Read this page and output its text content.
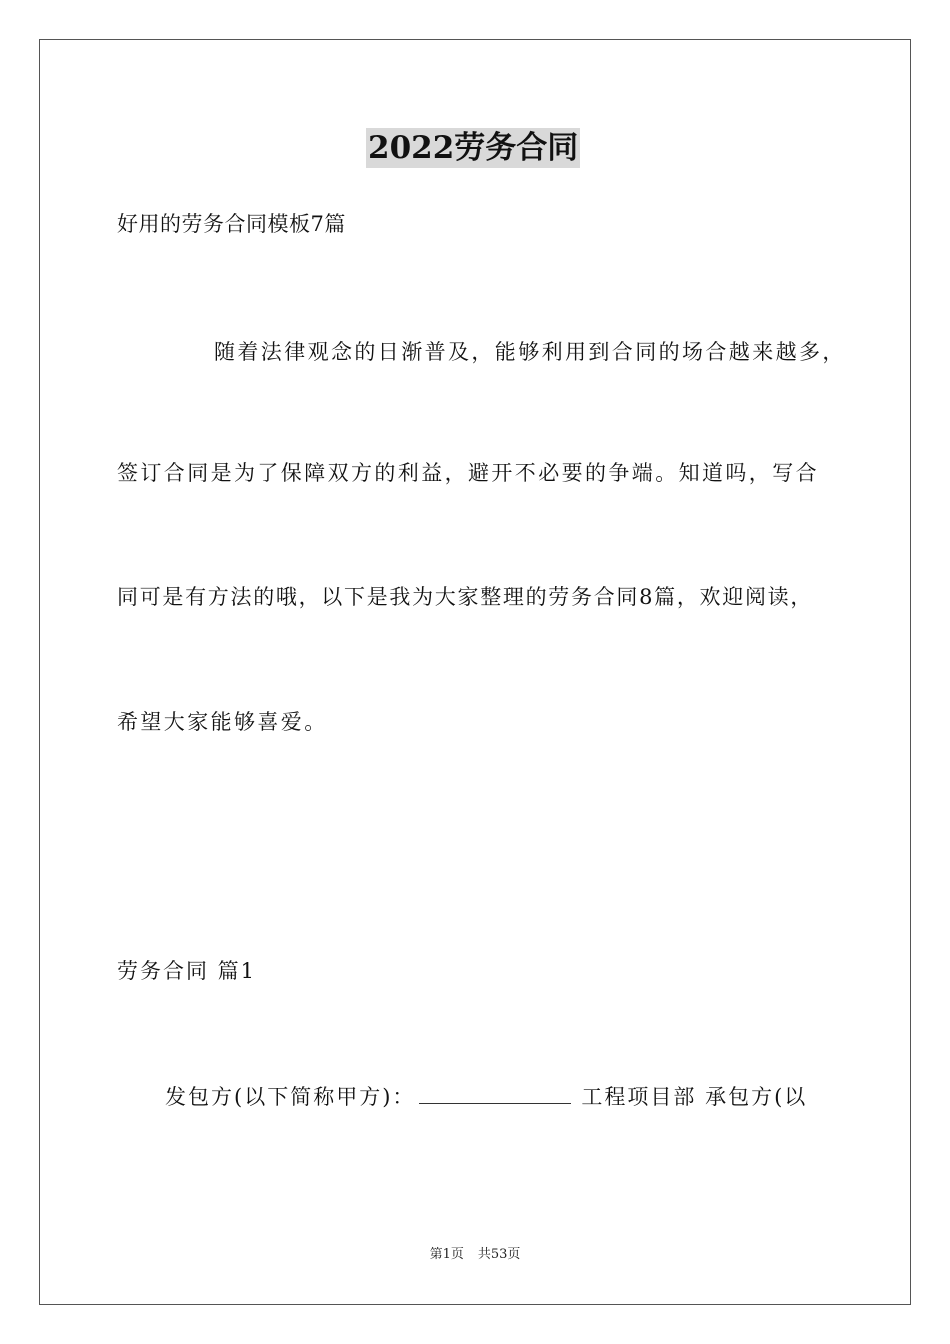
2022劳务合同
好用的劳务合同模板7篇
随着法律观念的日渐普及，能够利用到合同的场合越来越多，
签订合同是为了保障双方的利益，避开不必要的争端。知道吗，写合
同可是有方法的哦，以下是我为大家整理的劳务合同8篇，欢迎阅读，
希望大家能够喜爱。
劳务合同 篇1
发包方(以下简称甲方)：	工程项目部 承包方(以
第1页 共53页
